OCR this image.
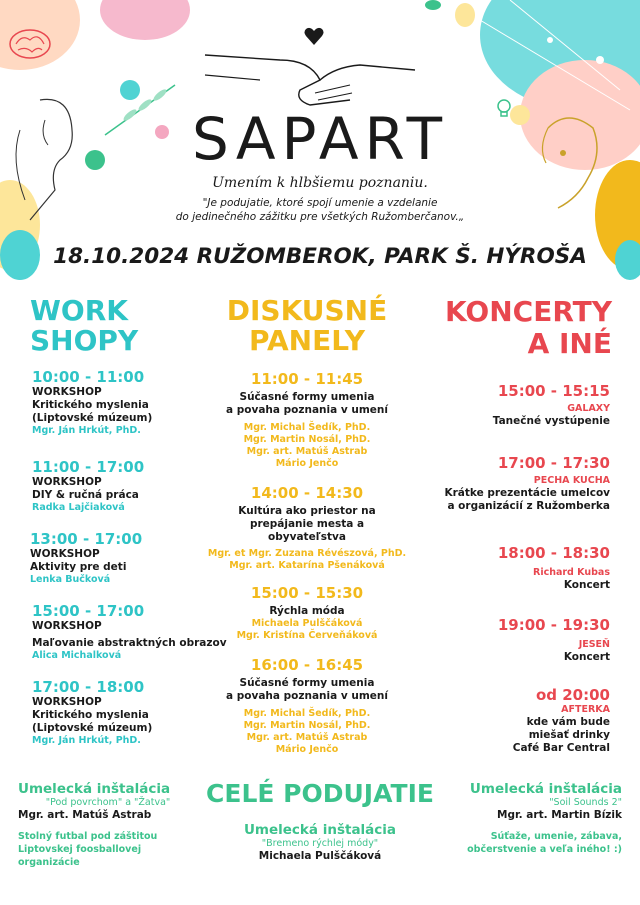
SAPART
Umením k hlbšiemu poznaniu.
"Je podujatie, ktoré spojí umenie a vzdelanie
do jedinečného zážitku pre všetkých Ružomberčanov.„
18.10.2024 RUŽOMBEROK, PARK Š. HÝROŠA
WORK
SHOPY
DISKUSNÉ
PANELY
KONCERTY
A INÉ
10:00 - 11:00
WORKSHOP
Kritického myslenia
(Liptovské múzeum)
Mgr. Ján Hrkút, PhD.
11:00 - 17:00
WORKSHOP
DIY & ručná práca
Radka Lajčiaková
13:00 - 17:00
WORKSHOP
Aktivity pre deti
Lenka Bučková
15:00 - 17:00
WORKSHOP
Maľovanie abstraktných obrazov
Alica Michalková
17:00 - 18:00
WORKSHOP
Kritického myslenia
(Liptovské múzeum)
Mgr. Ján Hrkút, PhD.
11:00 - 11:45
Súčasné formy umenia
a povaha poznania v umení
Mgr. Michal Šedík, PhD.
Mgr. Martin Nosál, PhD.
Mgr. art. Matúš Astrab
Mário Jenčo
14:00 - 14:30
Kultúra ako priestor na
prepájanie mesta a
obyvateľstva
Mgr. et Mgr. Zuzana Révészová, PhD.
Mgr. art. Katarína Pšenáková
15:00 - 15:30
Rýchla móda
Michaela Pulščáková
Mgr. Kristína Červeňáková
16:00 - 16:45
Súčasné formy umenia
a povaha poznania v umení
Mgr. Michal Šedík, PhD.
Mgr. Martin Nosál, PhD.
Mgr. art. Matúš Astrab
Mário Jenčo
15:00 - 15:15
GALAXY
Tanečné vystúpenie
17:00 - 17:30
PECHA KUCHA
Krátke prezentácie umelcov
a organizácií z Ružomberka
18:00 - 18:30
Richard Kubas
Koncert
19:00 - 19:30
JESEŇ
Koncert
od 20:00
AFTERKA
kde vám bude
miešať drinky
Café Bar Central
Umelecká inštalácia
"Pod povrchom" a "Žatva"
Mgr. art. Matúš Astrab
Stolný futbal pod záštitou
Liptovskej foosballovej
organizácie
CELÉ PODUJATIE
Umelecká inštalácia
"Bremeno rýchlej módy"
Michaela Pulščáková
Umelecká inštalácia
"Soil Sounds 2"
Mgr. art. Martin Bízik
Súťaže, umenie, zábava,
občerstvenie a veľa iného! :)
